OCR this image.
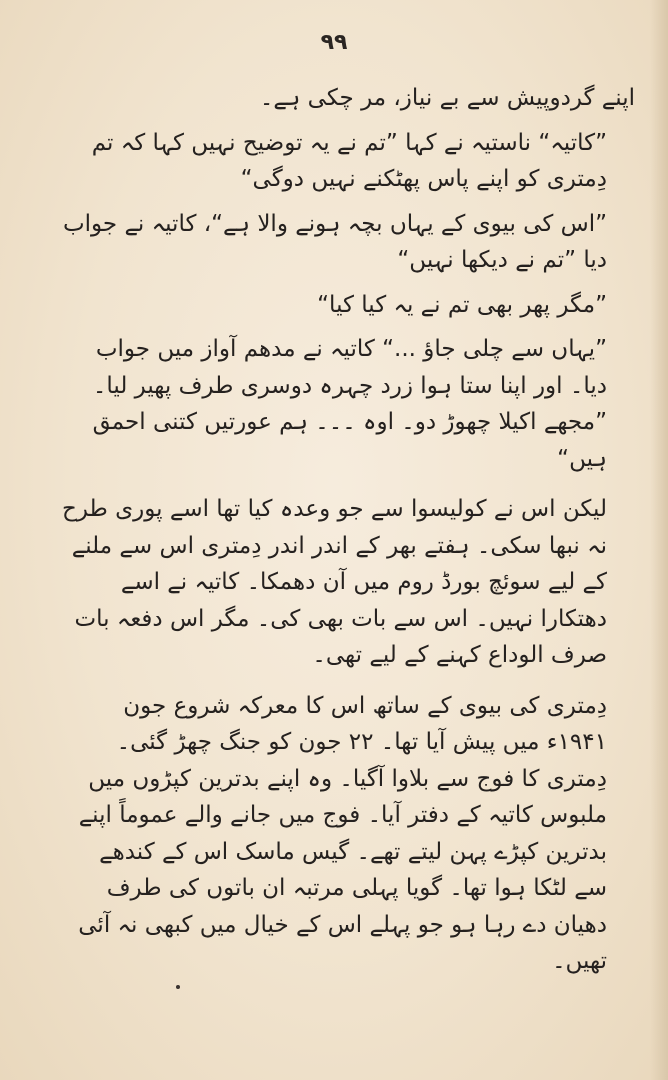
۹۹

اپنے گردوپیش سے بے نیاز، مر چکی ہے۔

”کاتیہ“ ناستیہ نے کہا ”تم نے یہ توضیح نہیں کہا کہ تم دِمتری کو اپنے پاس پھٹکنے نہیں دوگی“

”اس کی بیوی کے یہاں بچہ ہونے والا ہے“، کاتیہ نے جواب دیا ”تم نے دیکھا نہیں“

”مگر پھر بھی تم نے یہ کیا کیا“

”یہاں سے چلی جاؤ ...“ کاتیہ نے مدھم آواز میں جواب دیا۔ اور اپنا ستا ہوا زرد چہرہ دوسری طرف پھیر لیا۔ ”مجھے اکیلا چھوڑ دو۔ اوہ ۔۔۔ ہم عورتیں کتنی احمق ہیں“

لیکن اس نے کولیسوا سے جو وعدہ کیا تھا اسے پوری طرح نہ نبھا سکی۔ ہفتے بھر کے اندر اندر دِمتری اس سے ملنے کے لیے سوئچ بورڈ روم میں آن دھمکا۔ کاتیہ نے اسے دھتکارا نہیں۔ اس سے بات بھی کی۔ مگر اس دفعہ بات صرف الوداع کہنے کے لیے تھی۔

دِمتری کی بیوی کے ساتھ اس کا معرکہ شروع جون ۱۹۴۱ء میں پیش آیا تھا۔ ۲۲ جون کو جنگ چھڑ گئی۔ دِمتری کا فوج سے بلاوا آگیا۔ وہ اپنے بدترین کپڑوں میں ملبوس کاتیہ کے دفتر آیا۔ فوج میں جانے والے عموماً اپنے بدترین کپڑے پہن لیتے تھے۔ گیس ماسک اس کے کندھے سے لٹکا ہوا تھا۔ گویا پہلی مرتبہ ان باتوں کی طرف دھیان دے رہا ہو جو پہلے اس کے خیال میں کبھی نہ آئی تھیں۔
